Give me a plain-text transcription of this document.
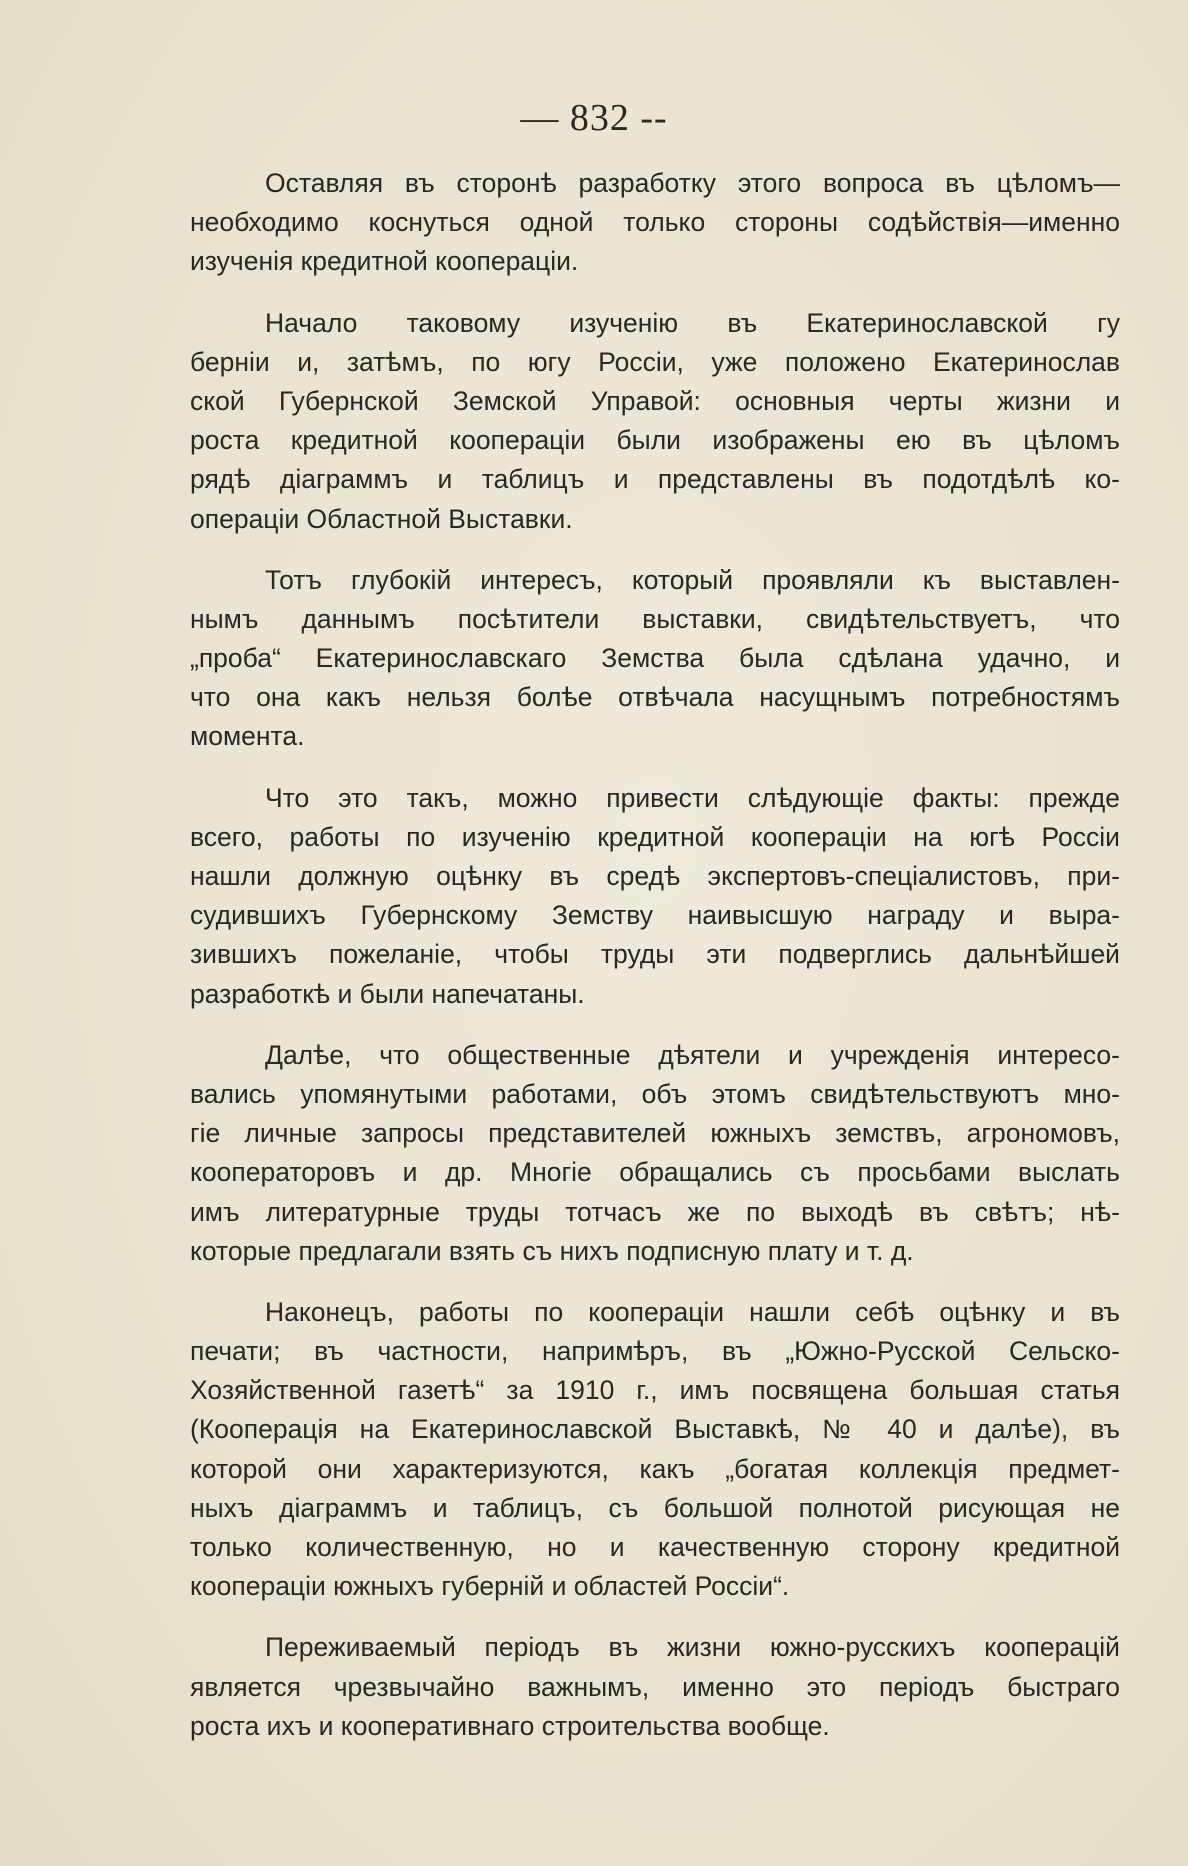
— 832 --
Оставляя въ сторонѣ разработку этого вопроса въ цѣломъ—
необходимо коснуться одной только стороны содѣйствія—именно
изученія кредитной коопераціи.
Начало таковому изученію въ Екатеринославской гу
берніи и, затѣмъ, по югу Россіи, уже положено Екатеринослав
ской Губернской Земской Управой: основныя черты жизни и
роста кредитной коопераціи были изображены ею въ цѣломъ
рядѣ діаграммъ и таблицъ и представлены въ подотдѣлѣ ко-
операціи Областной Выставки.
Тотъ глубокій интересъ, который проявляли къ выставлен-
нымъ даннымъ посѣтители выставки, свидѣтельствуетъ, что
„проба“ Екатеринославскаго Земства была сдѣлана удачно, и
что она какъ нельзя болѣе отвѣчала насущнымъ потребностямъ
момента.
Что это такъ, можно привести слѣдующіе факты: прежде
всего, работы по изученію кредитной коопераціи на югѣ Россіи
нашли должную оцѣнку въ средѣ экспертовъ-спеціалистовъ, при-
судившихъ Губернскому Земству наивысшую награду и выра-
зившихъ пожеланіе, чтобы труды эти подверглись дальнѣйшей
разработкѣ и были напечатаны.
Далѣе, что общественные дѣятели и учрежденія интересо-
вались упомянутыми работами, объ этомъ свидѣтельствуютъ мно-
гіе личные запросы представителей южныхъ земствъ, агрономовъ,
кооператоровъ и др. Многіе обращались съ просьбами выслать
имъ литературные труды тотчасъ же по выходѣ въ свѣтъ; нѣ-
которые предлагали взять съ нихъ подписную плату и т. д.
Наконецъ, работы по коопераціи нашли себѣ оцѣнку и въ
печати; въ частности, напримѣръ, въ „Южно-Русской Сельско-
Хозяйственной газетѣ“ за 1910 г., имъ посвящена большая статья
(Кооперація на Екатеринославской Выставкѣ, № 40 и далѣе), въ
которой они характеризуются, какъ „богатая коллекція предмет-
ныхъ діаграммъ и таблицъ, съ большой полнотой рисующая не
только количественную, но и качественную сторону кредитной
коопераціи южныхъ губерній и областей Россіи“.
Переживаемый періодъ въ жизни южно-русскихъ кооперацій
является чрезвычайно важнымъ, именно это періодъ быстраго
роста ихъ и кооперативнаго строительства вообще.
